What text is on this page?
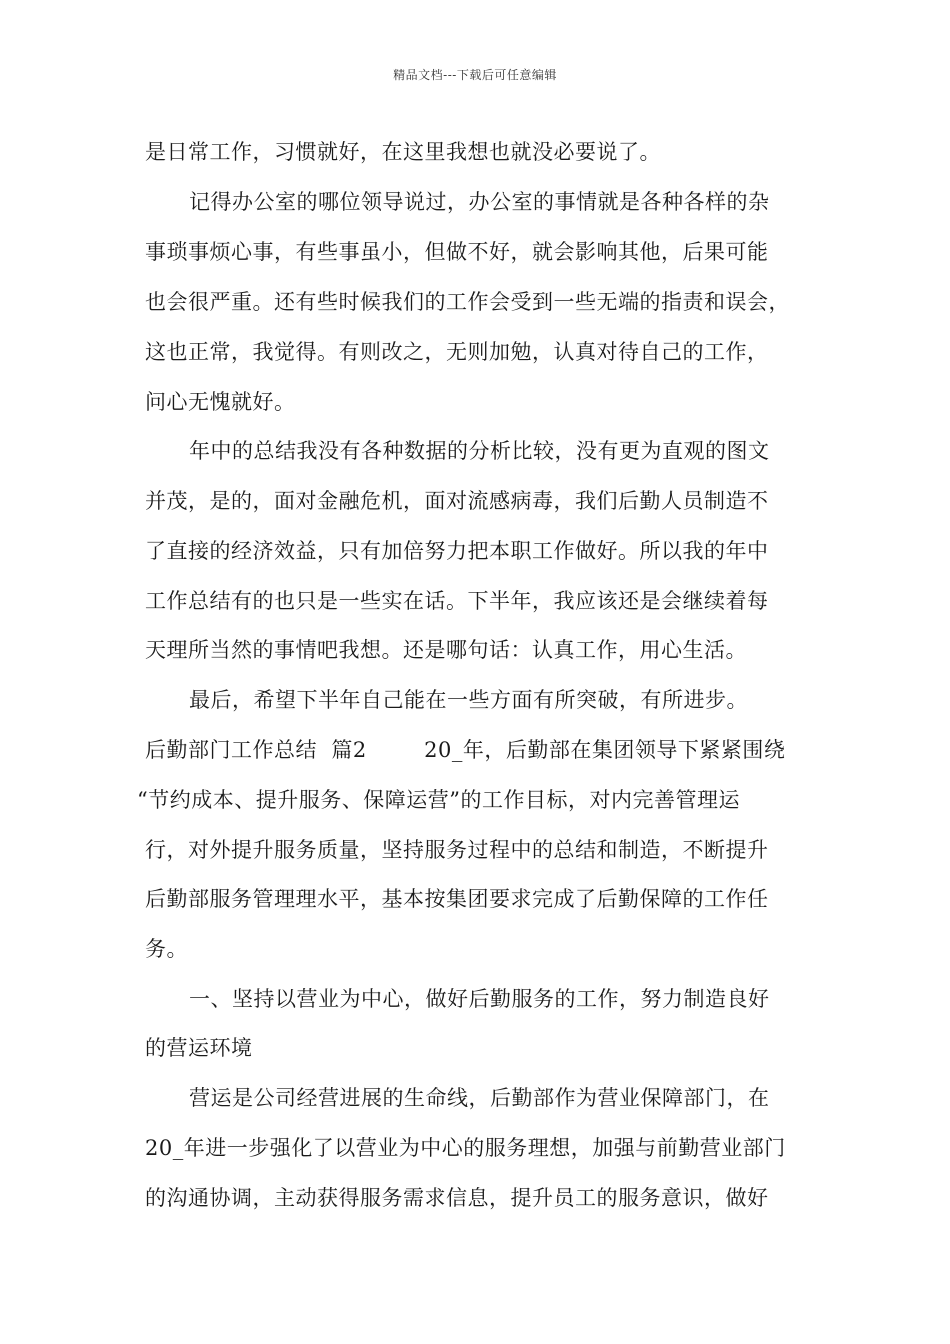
精品文档---下载后可任意编辑
是日常工作，习惯就好，在这里我想也就没必要说了。
记得办公室的哪位领导说过，办公室的事情就是各种各样的杂
事琐事烦心事，有些事虽小，但做不好，就会影响其他，后果可能
也会很严重。还有些时候我们的工作会受到一些无端的指责和误会，
这也正常，我觉得。有则改之，无则加勉，认真对待自己的工作，
问心无愧就好。
年中的总结我没有各种数据的分析比较，没有更为直观的图文
并茂，是的，面对金融危机，面对流感病毒，我们后勤人员制造不
了直接的经济效益，只有加倍努力把本职工作做好。所以我的年中
工作总结有的也只是一些实在话。下半年，我应该还是会继续着每
天理所当然的事情吧我想。还是哪句话：认真工作，用心生活。
最后，希望下半年自己能在一些方面有所突破，有所进步。
后勤部门工作总结  篇2        20_年，后勤部在集团领导下紧紧围绕
“节约成本、提升服务、保障运营”的工作目标，对内完善管理运
行，对外提升服务质量，坚持服务过程中的总结和制造，不断提升
后勤部服务管理理水平，基本按集团要求完成了后勤保障的工作任
务。
一、坚持以营业为中心，做好后勤服务的工作，努力制造良好
的营运环境
营运是公司经营进展的生命线，后勤部作为营业保障部门，在
20_年进一步强化了以营业为中心的服务理想，加强与前勤营业部门
的沟通协调，主动获得服务需求信息，提升员工的服务意识，做好
